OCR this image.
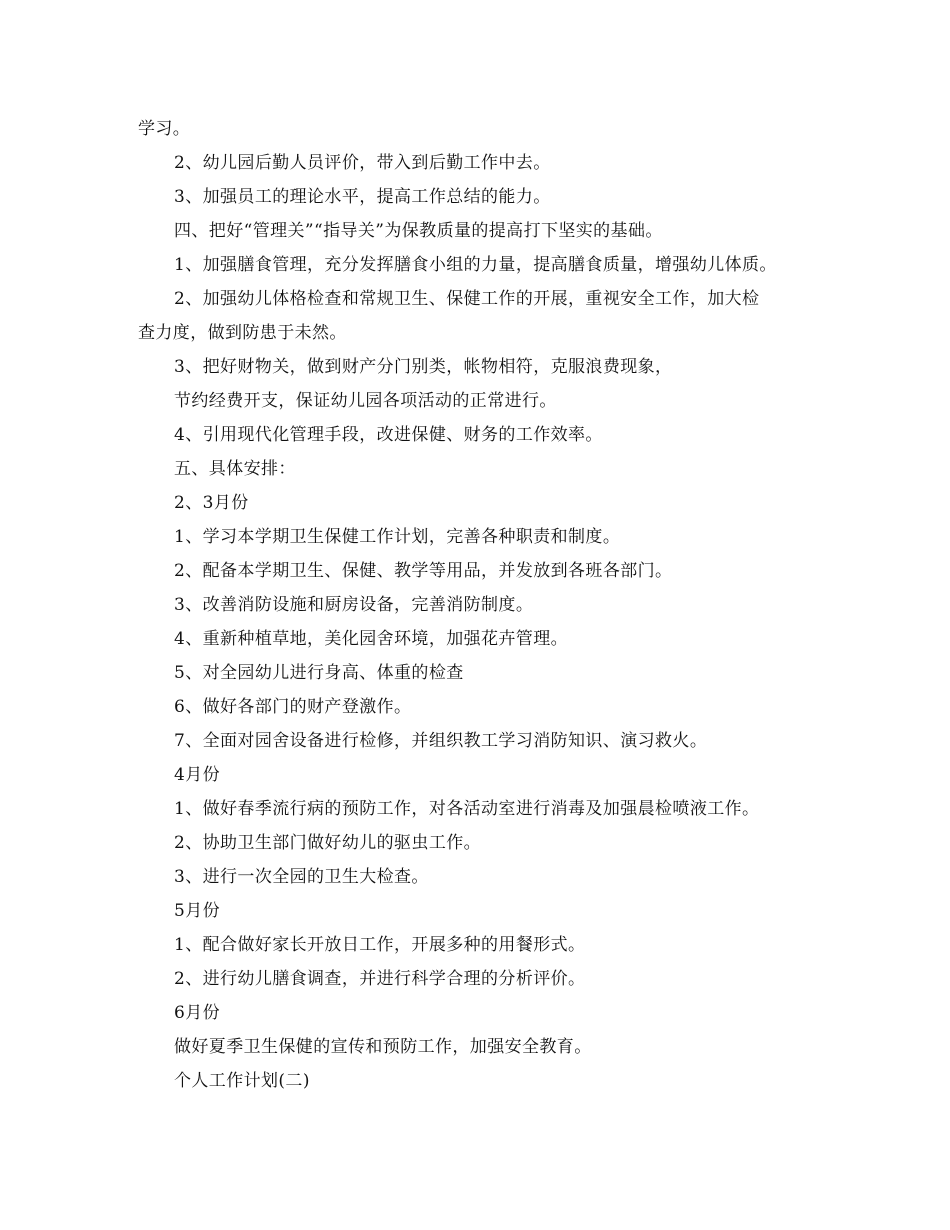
学习。
2、幼儿园后勤人员评价，带入到后勤工作中去。
3、加强员工的理论水平，提高工作总结的能力。
四、把好“管理关”“指导关”为保教质量的提高打下坚实的基础。
1、加强膳食管理，充分发挥膳食小组的力量，提高膳食质量，增强幼儿体质。
2、加强幼儿体格检查和常规卫生、保健工作的开展，重视安全工作，加大检
查力度，做到防患于未然。
3、把好财物关，做到财产分门别类，帐物相符，克服浪费现象，
节约经费开支，保证幼儿园各项活动的正常进行。
4、引用现代化管理手段，改进保健、财务的工作效率。
五、具体安排：
2、3月份
1、学习本学期卫生保健工作计划，完善各种职责和制度。
2、配备本学期卫生、保健、教学等用品，并发放到各班各部门。
3、改善消防设施和厨房设备，完善消防制度。
4、重新种植草地，美化园舍环境，加强花卉管理。
5、对全园幼儿进行身高、体重的检查
6、做好各部门的财产登激作。
7、全面对园舍设备进行检修，并组织教工学习消防知识、演习救火。
4月份
1、做好春季流行病的预防工作，对各活动室进行消毒及加强晨检喷液工作。
2、协助卫生部门做好幼儿的驱虫工作。
3、进行一次全园的卫生大检查。
5月份
1、配合做好家长开放日工作，开展多种的用餐形式。
2、进行幼儿膳食调查，并进行科学合理的分析评价。
6月份
做好夏季卫生保健的宣传和预防工作，加强安全教育。
个人工作计划(二)
